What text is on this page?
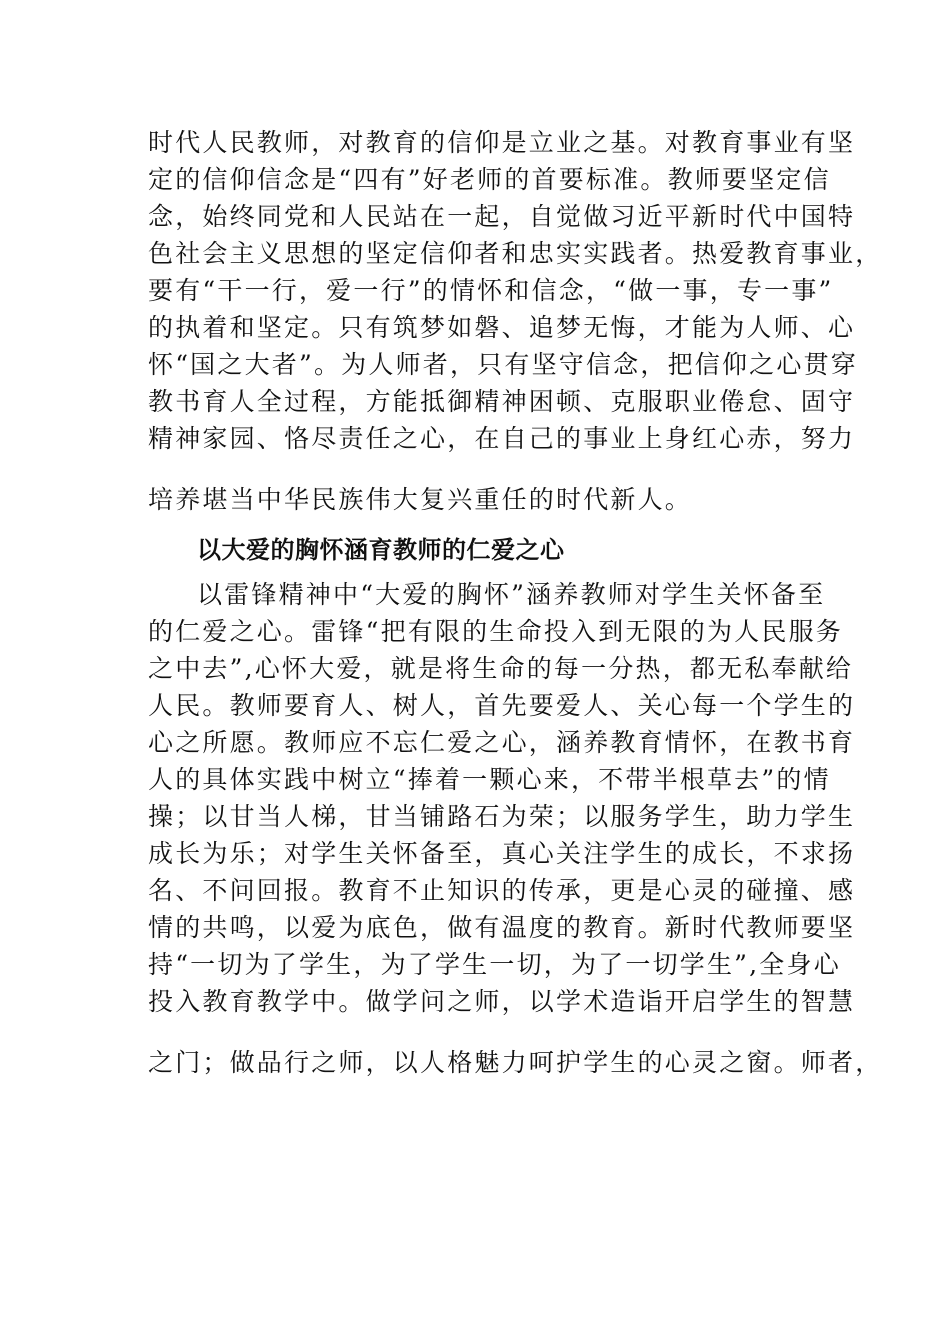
时代人民教师，对教育的信仰是立业之基。对教育事业有坚
定的信仰信念是“四有”好老师的首要标准。教师要坚定信
念，始终同党和人民站在一起，自觉做习近平新时代中国特
色社会主义思想的坚定信仰者和忠实实践者。热爱教育事业，
要有“干一行，爱一行”的情怀和信念，“做一事，专一事”
的执着和坚定。只有筑梦如磐、追梦无悔，才能为人师、心
怀“国之大者”。为人师者，只有坚守信念，把信仰之心贯穿
教书育人全过程，方能抵御精神困顿、克服职业倦怠、固守
精神家园、恪尽责任之心，在自己的事业上身红心赤，努力
培养堪当中华民族伟大复兴重任的时代新人。
以大爱的胸怀涵育教师的仁爱之心
以雷锋精神中“大爱的胸怀”涵养教师对学生关怀备至
的仁爱之心。雷锋“把有限的生命投入到无限的为人民服务
之中去”,心怀大爱，就是将生命的每一分热，都无私奉献给
人民。教师要育人、树人，首先要爱人、关心每一个学生的
心之所愿。教师应不忘仁爱之心，涵养教育情怀，在教书育
人的具体实践中树立“捧着一颗心来，不带半根草去”的情
操；以甘当人梯，甘当铺路石为荣；以服务学生，助力学生
成长为乐；对学生关怀备至，真心关注学生的成长，不求扬
名、不问回报。教育不止知识的传承，更是心灵的碰撞、感
情的共鸣，以爱为底色，做有温度的教育。新时代教师要坚
持“一切为了学生，为了学生一切，为了一切学生”,全身心
投入教育教学中。做学问之师，以学术造诣开启学生的智慧
之门；做品行之师，以人格魅力呵护学生的心灵之窗。师者，
